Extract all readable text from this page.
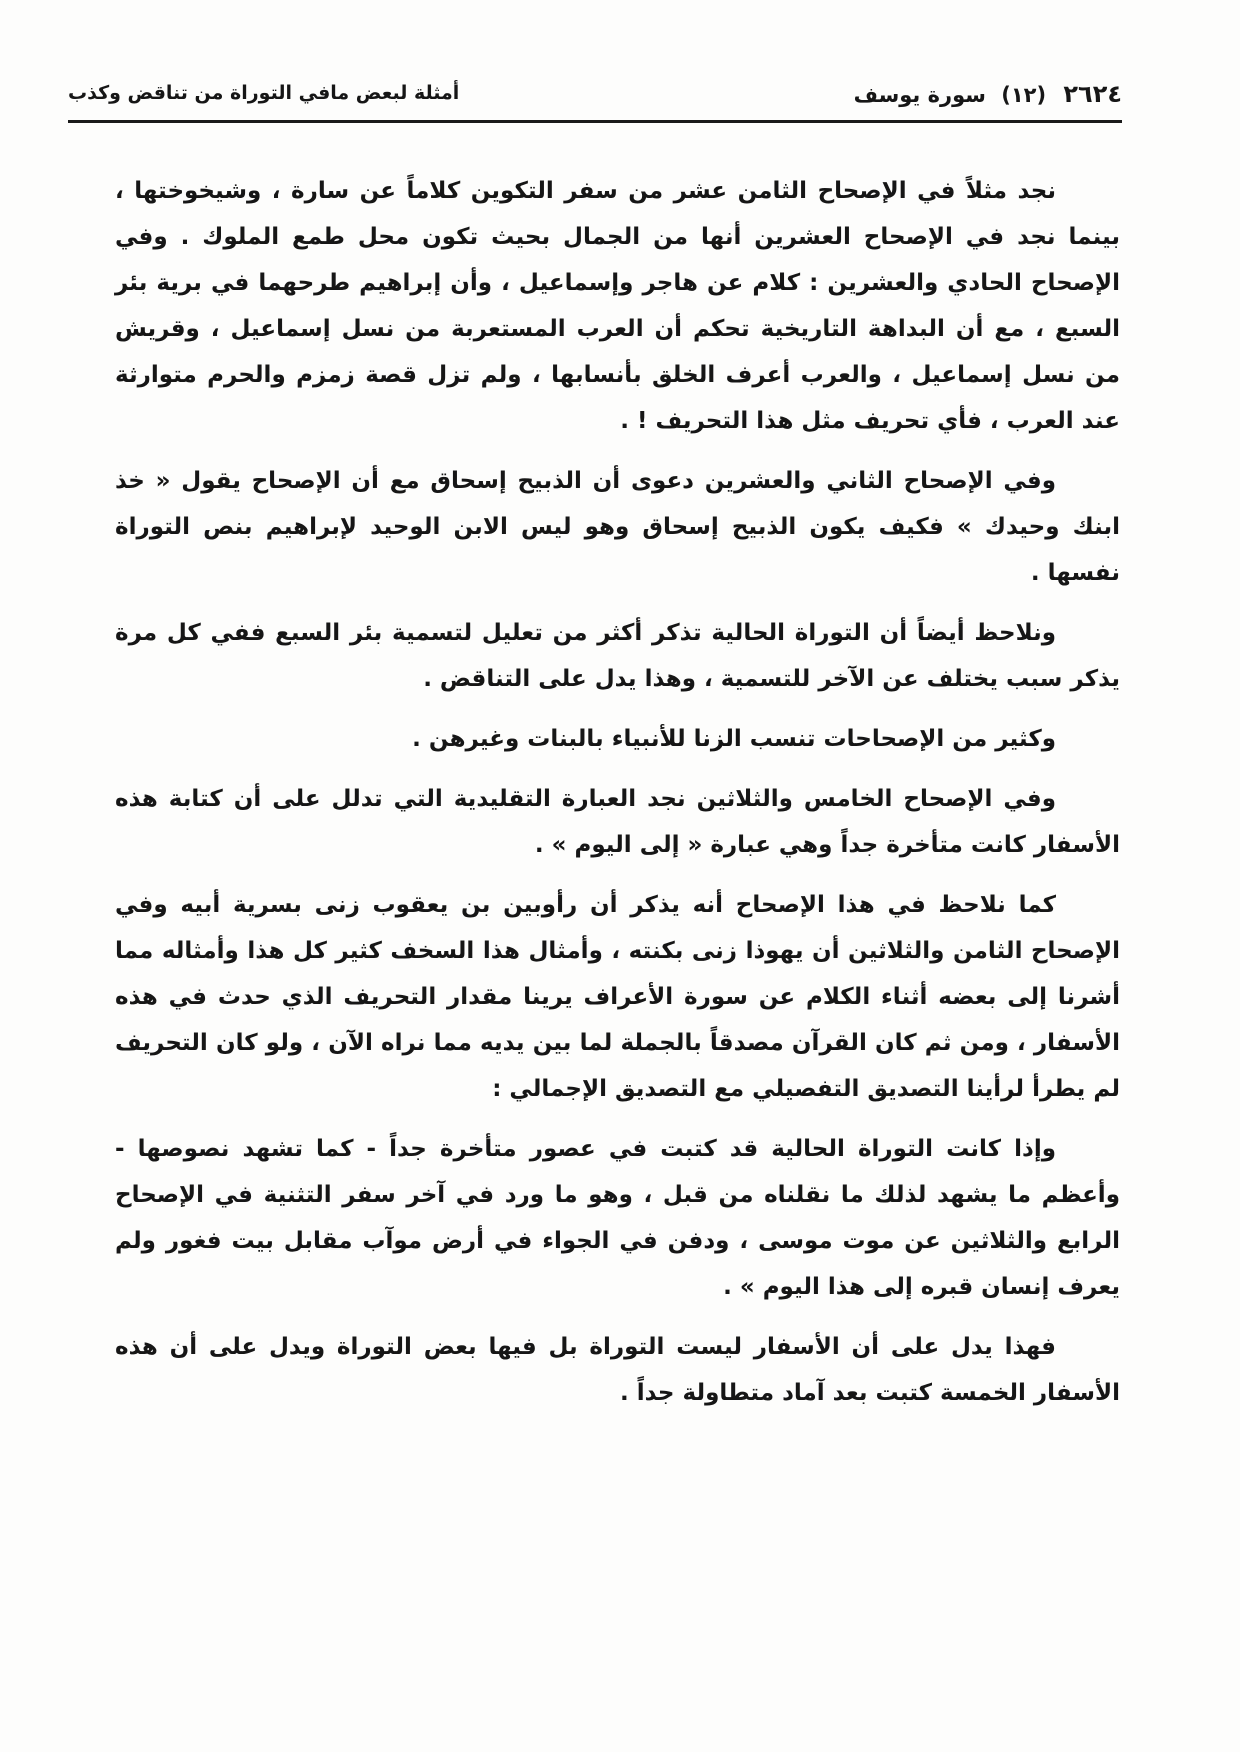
٢٦٢٤ (١٢) سورة يوسف
أمثلة لبعض مافي التوراة من تناقض وكذب

نجد مثلاً في الإصحاح الثامن عشر من سفر التكوين كلاماً عن سارة ، وشيخوختها ، بينما نجد في الإصحاح العشرين أنها من الجمال بحيث تكون محل طمع الملوك . وفي الإصحاح الحادي والعشرين : كلام عن هاجر وإسماعيل ، وأن إبراهيم طرحهما في برية بئر السبع ، مع أن البداهة التاريخية تحكم أن العرب المستعربة من نسل إسماعيل ، وقريش من نسل إسماعيل ، والعرب أعرف الخلق بأنسابها ، ولم تزل قصة زمزم والحرم متوارثة عند العرب ، فأي تحريف مثل هذا التحريف ! .

وفي الإصحاح الثاني والعشرين دعوى أن الذبيح إسحاق مع أن الإصحاح يقول « خذ ابنك وحيدك » فكيف يكون الذبيح إسحاق وهو ليس الابن الوحيد لإبراهيم بنص التوراة نفسها .

ونلاحظ أيضاً أن التوراة الحالية تذكر أكثر من تعليل لتسمية بئر السبع ففي كل مرة يذكر سبب يختلف عن الآخر للتسمية ، وهذا يدل على التناقض .

وكثير من الإصحاحات تنسب الزنا للأنبياء بالبنات وغيرهن .

وفي الإصحاح الخامس والثلاثين نجد العبارة التقليدية التي تدلل على أن كتابة هذه الأسفار كانت متأخرة جداً وهي عبارة « إلى اليوم » .

كما نلاحظ في هذا الإصحاح أنه يذكر أن رأوبين بن يعقوب زنى بسرية أبيه وفي الإصحاح الثامن والثلاثين أن يهوذا زنى بكنته ، وأمثال هذا السخف كثير كل هذا وأمثاله مما أشرنا إلى بعضه أثناء الكلام عن سورة الأعراف يرينا مقدار التحريف الذي حدث في هذه الأسفار ، ومن ثم كان القرآن مصدقاً بالجملة لما بين يديه مما نراه الآن ، ولو كان التحريف لم يطرأ لرأينا التصديق التفصيلي مع التصديق الإجمالي :

وإذا كانت التوراة الحالية قد كتبت في عصور متأخرة جداً - كما تشهد نصوصها - وأعظم ما يشهد لذلك ما نقلناه من قبل ، وهو ما ورد في آخر سفر التثنية في الإصحاح الرابع والثلاثين عن موت موسى ، ودفن في الجواء في أرض موآب مقابل بيت فغور ولم يعرف إنسان قبره إلى هذا اليوم » .

فهذا يدل على أن الأسفار ليست التوراة بل فيها بعض التوراة ويدل على أن هذه الأسفار الخمسة كتبت بعد آماد متطاولة جداً .
